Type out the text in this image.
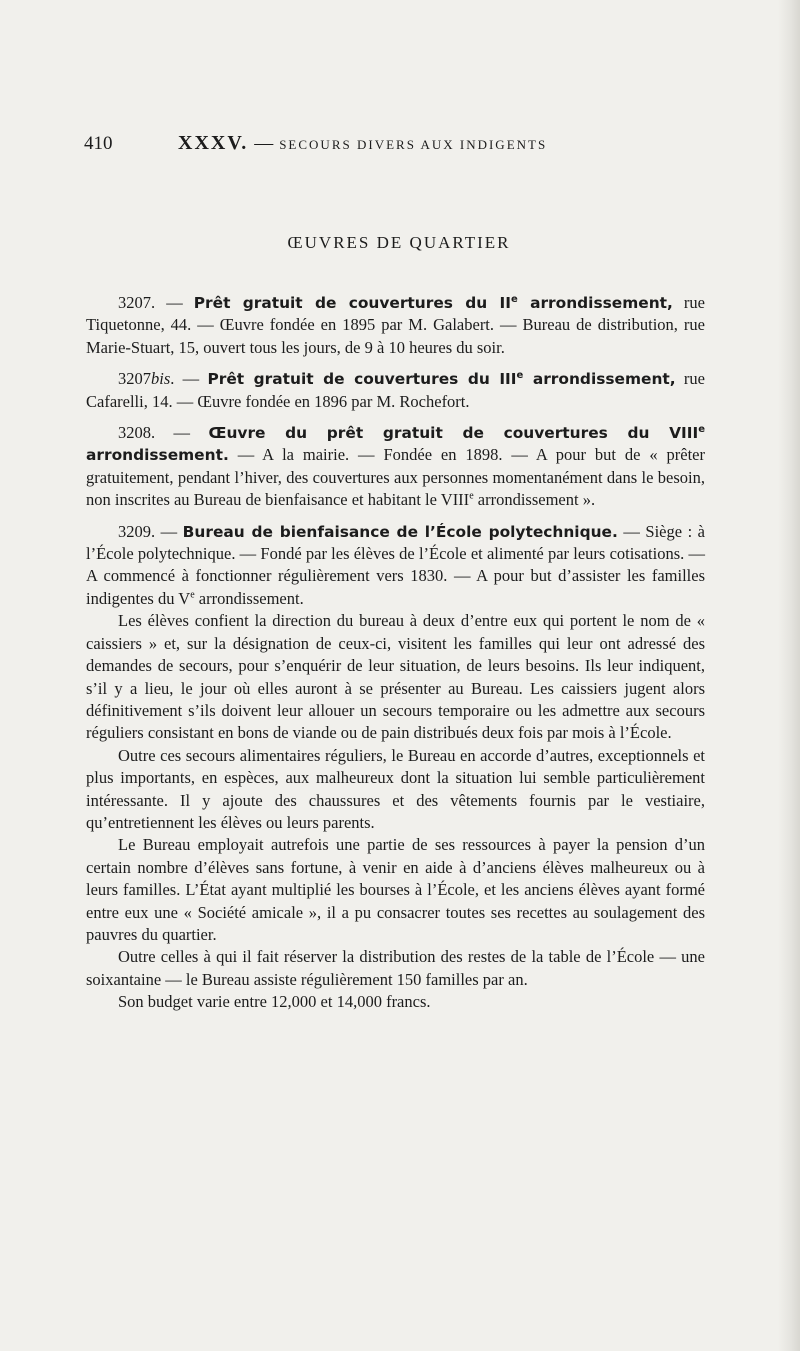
410	XXXV. — SECOURS DIVERS AUX INDIGENTS
ŒUVRES DE QUARTIER

3207. — Prêt gratuit de couvertures du IIe arrondissement, rue Tiquetonne, 44. — Œuvre fondée en 1895 par M. Galabert. — Bureau de distribution, rue Marie-Stuart, 15, ouvert tous les jours, de 9 à 10 heures du soir.

3207bis. — Prêt gratuit de couvertures du IIIe arrondissement, rue Cafarelli, 14. — Œuvre fondée en 1896 par M. Rochefort.

3208. — Œuvre du prêt gratuit de couvertures du VIIIe arrondissement. — A la mairie. — Fondée en 1898. — A pour but de « prêter gratuitement, pendant l’hiver, des couvertures aux personnes momentanément dans le besoin, non inscrites au Bureau de bienfaisance et habitant le VIIIe arrondissement ».

3209. — Bureau de bienfaisance de l’École polytechnique. — Siège : à l’École polytechnique. — Fondé par les élèves de l’École et alimenté par leurs cotisations. — A commencé à fonctionner régulièrement vers 1830. — A pour but d’assister les familles indigentes du Ve arrondissement.

Les élèves confient la direction du bureau à deux d’entre eux qui portent le nom de « caissiers » et, sur la désignation de ceux-ci, visitent les familles qui leur ont adressé des demandes de secours, pour s’enquérir de leur situation, de leurs besoins. Ils leur indiquent, s’il y a lieu, le jour où elles auront à se présenter au Bureau. Les caissiers jugent alors définitivement s’ils doivent leur allouer un secours temporaire ou les admettre aux secours réguliers consistant en bons de viande ou de pain distribués deux fois par mois à l’École.

Outre ces secours alimentaires réguliers, le Bureau en accorde d’autres, exceptionnels et plus importants, en espèces, aux malheureux dont la situation lui semble particulièrement intéressante. Il y ajoute des chaussures et des vêtements fournis par le vestiaire, qu’entretiennent les élèves ou leurs parents.

Le Bureau employait autrefois une partie de ses ressources à payer la pension d’un certain nombre d’élèves sans fortune, à venir en aide à d’anciens élèves malheureux ou à leurs familles. L’État ayant multiplié les bourses à l’École, et les anciens élèves ayant formé entre eux une « Société amicale », il a pu consacrer toutes ses recettes au soulagement des pauvres du quartier.

Outre celles à qui il fait réserver la distribution des restes de la table de l’École — une soixantaine — le Bureau assiste régulièrement 150 familles par an.

Son budget varie entre 12,000 et 14,000 francs.
